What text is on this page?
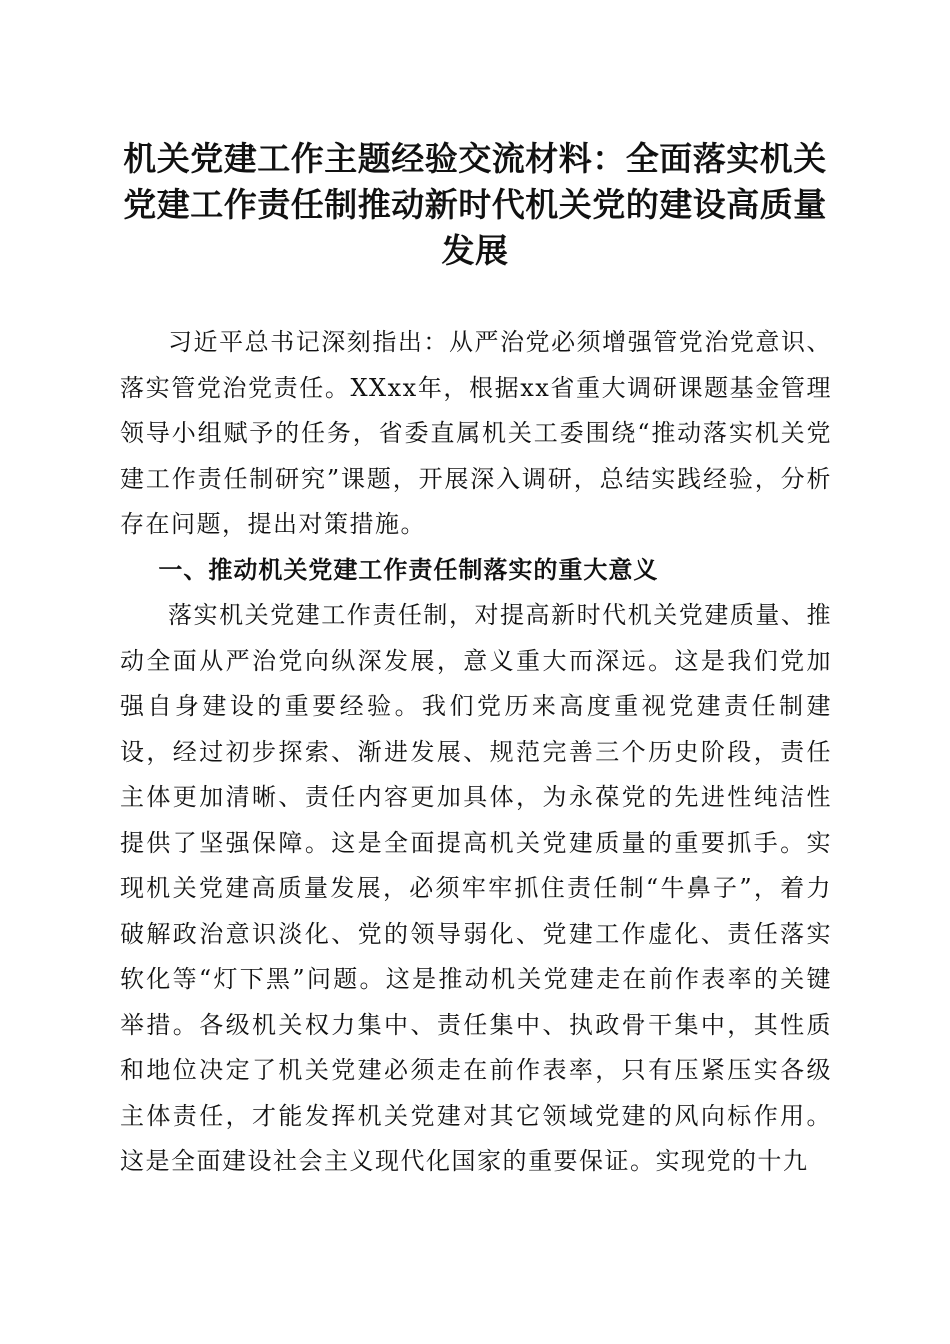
机关党建工作主题经验交流材料：全面落实机关党建工作责任制推动新时代机关党的建设高质量发展

习近平总书记深刻指出：从严治党必须增强管党治党意识、落实管党治党责任。XXxx年，根据xx省重大调研课题基金管理领导小组赋予的任务，省委直属机关工委围绕“推动落实机关党建工作责任制研究”课题，开展深入调研，总结实践经验，分析存在问题，提出对策措施。

一、推动机关党建工作责任制落实的重大意义

落实机关党建工作责任制，对提高新时代机关党建质量、推动全面从严治党向纵深发展，意义重大而深远。这是我们党加强自身建设的重要经验。我们党历来高度重视党建责任制建设，经过初步探索、渐进发展、规范完善三个历史阶段，责任主体更加清晰、责任内容更加具体，为永葆党的先进性纯洁性提供了坚强保障。这是全面提高机关党建质量的重要抓手。实现机关党建高质量发展，必须牢牢抓住责任制“牛鼻子”，着力破解政治意识淡化、党的领导弱化、党建工作虚化、责任落实软化等“灯下黑”问题。这是推动机关党建走在前作表率的关键举措。各级机关权力集中、责任集中、执政骨干集中，其性质和地位决定了机关党建必须走在前作表率，只有压紧压实各级主体责任，才能发挥机关党建对其它领域党建的风向标作用。这是全面建设社会主义现代化国家的重要保证。实现党的十九
